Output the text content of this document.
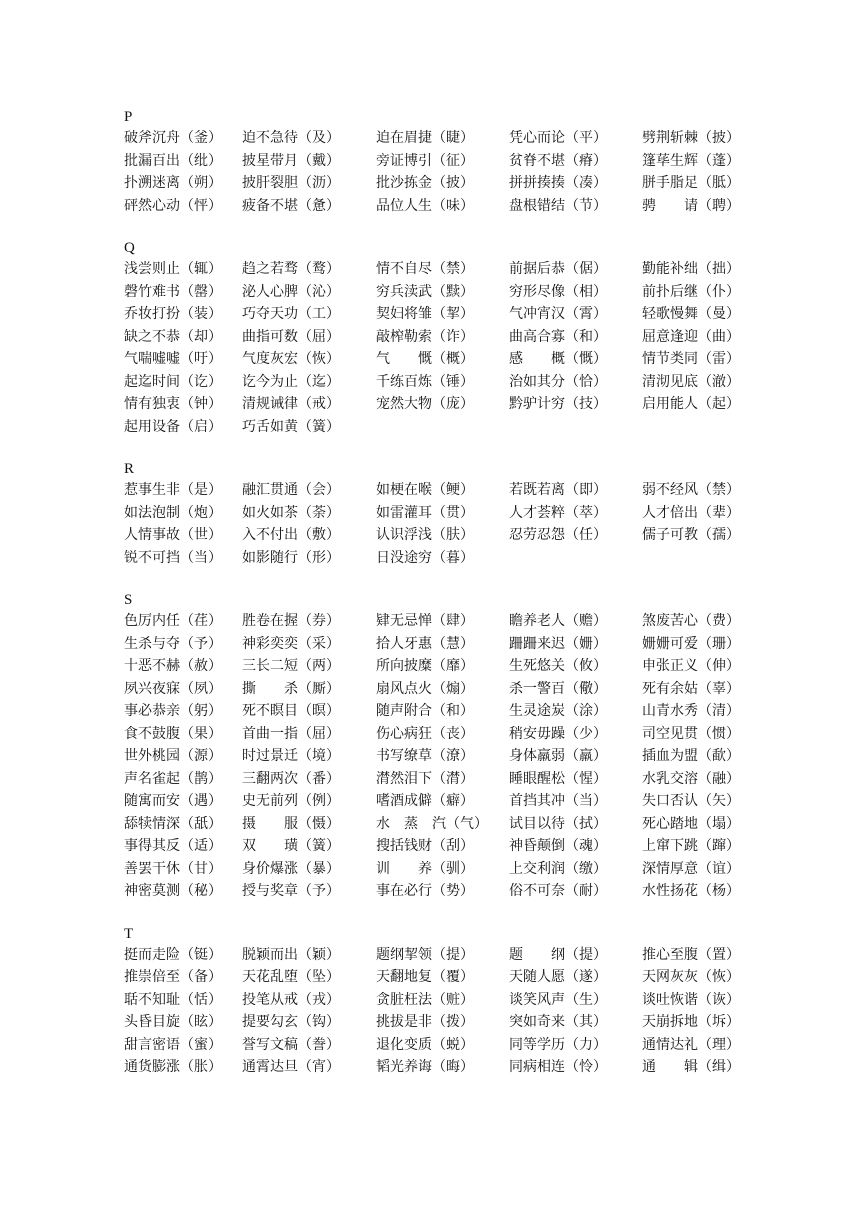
P
破斧沉舟（釜）	迫不急待（及）	迫在眉捷（睫）	凭心而论（平）	劈荆斩棘（披）
批漏百出（纰）	披星带月（戴）	旁证博引（征）	贫脊不堪（瘠）	篷荜生辉（蓬）
扑溯迷离（朔）	披肝裂胆（沥）	批沙拣金（披）	拼拼揍揍（凑）	胼手脂足（胝）
砰然心动（怦）	疲备不堪（惫）	品位人生（味）	盘根错结（节）	骋　　请（聘）
Q
浅尝则止（辄）	趋之若骛（鹜）	情不自尽（禁）	前据后恭（倨）	勤能补绌（拙）
磬竹难书（罄）	泌人心脾（沁）	穷兵渎武（黩）	穷形尽像（相）	前扑后继（仆）
乔妆打扮（装）	巧夺天功（工）	契妇将雏（挈）	气冲宵汉（霄）	轻歌慢舞（曼）
缺之不恭（却）	曲指可数（屈）	敲榨勒索（诈）	曲高合寡（和）	屈意逢迎（曲）
气喘嘘嘘（吁）	气度灰宏（恢）	气　　慨（概）	感　　概（慨）	情节类同（雷）
起迄时间（讫）	讫今为止（迄）	千练百炼（锤）	治如其分（恰）	清沏见底（澈）
情有独衷（钟）	清规诫律（戒）	宠然大物（庞）	黔驴计穷（技）	启用能人（起）
起用设备（启）	巧舌如黄（簧）
R
惹事生非（是）	融汇贯通（会）	如梗在喉（鲠）	若既若离（即）	弱不经风（禁）
如法泡制（炮）	如火如茶（荼）	如雷灌耳（贯）	人才荟粹（萃）	人才倍出（辈）
人情事故（世）	入不付出（敷）	认识浮浅（肤）	忍劳忍怨（任）	儒子可教（孺）
锐不可挡（当）	如影随行（形）	日没途穷（暮）
S
色厉内任（荏）	胜卷在握（券）	肄无忌惮（肆）	瞻养老人（赡）	煞废苦心（费）
生杀与夺（予）	神彩奕奕（采）	拾人牙惠（慧）	跚跚来迟（姗）	姗姗可爱（珊）
十恶不赫（赦）	三长二短（两）	所向披糜（靡）	生死悠关（攸）	申张正义（伸）
夙兴夜寐（夙）	撕　　杀（厮）	扇风点火（煽）	杀一警百（儆）	死有余姑（辜）
事必恭亲（躬）	死不瞑目（暝）	随声附合（和）	生灵途炭（涂）	山青水秀（清）
食不鼓腹（果）	首曲一指（屈）	伤心病狂（丧）	稍安毋躁（少）	司空见贯（惯）
世外桃园（源）	时过景迁（境）	书写缭草（潦）	身体羸弱（羸）	插血为盟（歃）
声名雀起（鹊）	三翻两次（番）	潸然泪下（潸）	睡眼醒松（惺）	水乳交溶（融）
随寓而安（遇）	史无前列（例）	嗜酒成僻（癖）	首挡其冲（当）	失口否认（矢）
舔犊情深（舐）	摄　　服（慑）	水　蒸　汽（气）	试目以待（拭）	死心踏地（塌）
事得其反（适）	双　　璜（簧）	搜括钱财（刮）	神昏颠倒（魂）	上窜下跳（蹿）
善罢干休（甘）	身价爆涨（暴）	训　　养（驯）	上交利润（缴）	深情厚意（谊）
神密莫测（秘）	授与奖章（予）	事在必行（势）	俗不可奈（耐）	水性扬花（杨）
T
挺而走险（铤）	脱颖而出（颖）	题纲挈领（提）	题　　纲（提）	推心至腹（置）
推崇倍至（备）	天花乱堕（坠）	天翻地复（覆）	天随人愿（遂）	天网灰灰（恢）
聒不知耻（恬）	投笔从戒（戎）	贪脏枉法（赃）	谈笑风声（生）	谈吐恢谐（诙）
头昏目旋（眩）	提要勾玄（钩）	挑拔是非（拨）	突如奇来（其）	天崩拆地（坼）
甜言密语（蜜）	誉写文稿（誊）	退化变质（蜕）	同等学历（力）	通情达礼（理）
通货膨涨（胀）	通霄达旦（宵）	韬光养诲（晦）	同病相连（怜）	通　　辑（缉）
